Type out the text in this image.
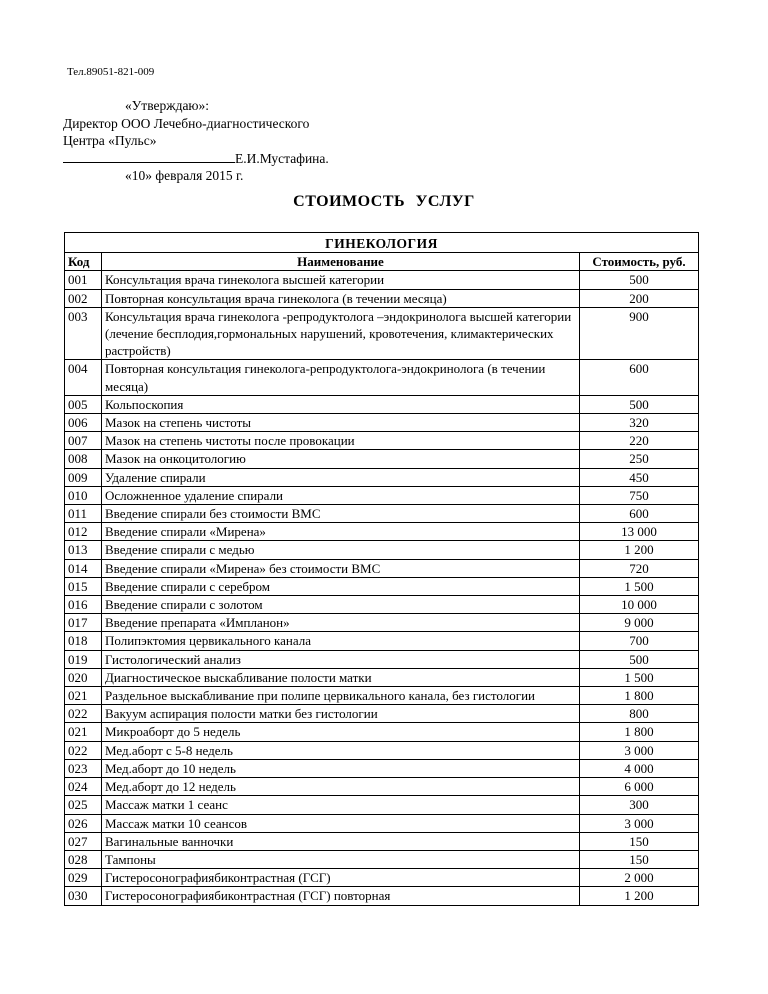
Тел.89051-821-009
«Утверждаю»:
Директор ООО Лечебно-диагностического
Центра «Пульс»
Е.И.Мустафина.
«10» февраля 2015 г.
СТОИМОСТЬ УСЛУГ
ГИНЕКОЛОГИЯ		
Код	Наименование	Стоимость, руб.
001	Консультация врача гинеколога высшей категории	500
002	Повторная консультация врача гинеколога (в течении месяца)	200
003	Консультация врача гинеколога -репродуктолога –эндокринолога высшей категории (лечение бесплодия,гормональных нарушений, кровотечения, климактерических растройств)	900
004	Повторная консультация гинеколога-репродуктолога-эндокринолога (в течении месяца)	600
005	Кольпоскопия	500
006	Мазок на степень чистоты	320
007	Мазок на степень чистоты после провокации	220
008	Мазок на онкоцитологию	250
009	Удаление спирали	450
010	Осложненное удаление спирали	750
011	Введение спирали без стоимости ВМС	600
012	Введение спирали «Мирена»	13 000
013	Введение спирали с медью	1 200
014	Введение спирали «Мирена» без стоимости ВМС	720
015	Введение спирали с серебром	1 500
016	Введение спирали с золотом	10 000
017	Введение препарата «Импланон»	9 000
018	Полипэктомия цервикального канала	700
019	Гистологический анализ	500
020	Диагностическое выскабливание полости матки	1 500
021	Раздельное выскабливание при полипе цервикального канала, без гистологии	1 800
022	Вакуум аспирация полости матки без гистологии	800
021	Микроаборт до 5 недель	1 800
022	Мед.аборт с 5-8 недель	3 000
023	Мед.аборт до 10 недель	4 000
024	Мед.аборт до 12 недель	6 000
025	Массаж матки 1 сеанс	300
026	Массаж матки 10 сеансов	3 000
027	Вагинальные ванночки	150
028	Тампоны	150
029	Гистеросонографиябиконтрастная (ГСГ)	2 000
030	Гистеросонографиябиконтрастная (ГСГ) повторная	1 200
